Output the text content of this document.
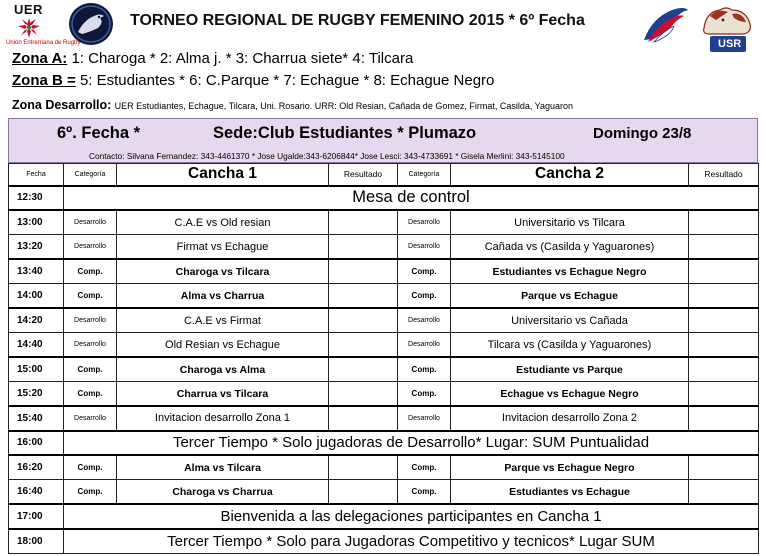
UER
Unión Entrerriana de Rugby
TORNEO REGIONAL DE RUGBY FEMENINO 2015 * 6º Fecha
USR
Zona A: 1: Charoga * 2: Alma j. * 3: Charrua siete* 4: Tilcara
Zona B = 5: Estudiantes * 6: C.Parque * 7: Echague * 8: Echague Negro
Zona Desarrollo: UER Estudiantes, Echague, Tilcara, Uni. Rosario. URR: Old Resian, Cañada de Gomez, Firmat, Casilda, Yaguaron
6º. Fecha *	Sede:Club Estudiantes * Plumazo	Domingo 23/8
Contacto: Silvana Fernandez: 343-4461370 * Jose Ugalde:343-6206844* Jose Lesci: 343-4733691 * Gisela Merlini: 343-5145100
Fecha	Categoría	Cancha 1	Resultado	Categoría	Cancha 2	Resultado
12:30	Mesa de control					
13:00	Desarrollo	C.A.E vs Old resian		Desarrollo	Universitario vs Tilcara	
13:20	Desarrollo	Firmat vs Echague		Desarrollo	Cañada vs (Casilda y Yaguarones)	
13:40	Comp.	Charoga vs Tilcara		Comp.	Estudiantes vs Echague Negro	
14:00	Comp.	Alma vs Charrua		Comp.	Parque vs Echague	
14:20	Desarrollo	C.A.E vs Firmat		Desarrollo	Universitario vs Cañada	
14:40	Desarrollo	Old Resian vs Echague		Desarrollo	Tilcara vs (Casilda y Yaguarones)	
15:00	Comp.	Charoga vs Alma		Comp.	Estudiante vs Parque	
15:20	Comp.	Charrua vs Tilcara		Comp.	Echague vs Echague Negro	
15:40	Desarrollo	Invitacion desarrollo Zona 1		Desarrollo	Invitacion desarrollo Zona 2	
16:00	Tercer Tiempo * Solo jugadoras de Desarrollo* Lugar: SUM Puntualidad					
16:20	Comp.	Alma vs Tilcara		Comp.	Parque vs Echague Negro	
16:40	Comp.	Charoga vs Charrua		Comp.	Estudiantes vs Echague	
17:00	Bienvenida a las delegaciones participantes en Cancha 1					
18:00	Tercer Tiempo * Solo para Jugadoras Competitivo y tecnicos* Lugar SUM					
